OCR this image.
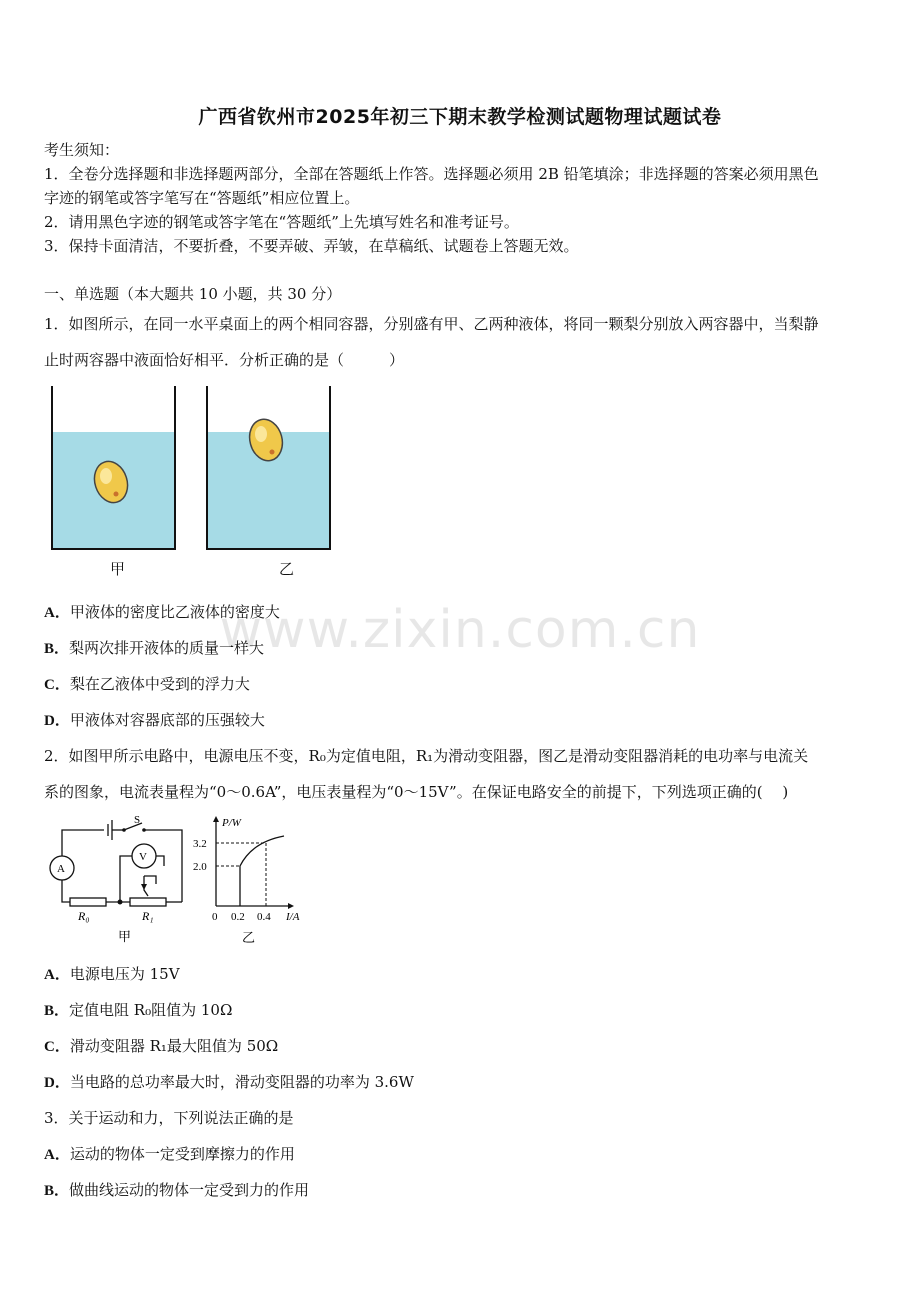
广西省钦州市2025年初三下期末教学检测试题物理试题试卷
考生须知：
1．全卷分选择题和非选择题两部分，全部在答题纸上作答。选择题必须用 2B 铅笔填涂；非选择题的答案必须用黑色
字迹的钢笔或答字笔写在“答题纸”相应位置上。
2．请用黑色字迹的钢笔或答字笔在“答题纸”上先填写姓名和准考证号。
3．保持卡面清洁，不要折叠，不要弄破、弄皱，在草稿纸、试题卷上答题无效。
一、单选题（本大题共 10 小题，共 30 分）
1．如图所示，在同一水平桌面上的两个相同容器，分别盛有甲、乙两种液体，将同一颗梨分别放入两容器中，当梨静
止时两容器中液面恰好相平．分析正确的是（　　　）
甲	乙
A．甲液体的密度比乙液体的密度大
B．梨两次排开液体的质量一样大
C．梨在乙液体中受到的浮力大
D．甲液体对容器底部的压强较大
www.zixin.com.cn
2．如图甲所示电路中，电源电压不变，R₀为定值电阻，R₁为滑动变阻器，图乙是滑动变阻器消耗的电功率与电流关
系的图象，电流表量程为“0～0.6A”，电压表量程为“0～15V”。在保证电路安全的前提下，下列选项正确的( 　)
S
A
V
R₀	R₁
甲
P/W
3.2
2.0
0 0.2 0.4 I/A
乙
A．电源电压为 15V
B．定值电阻 R₀阻值为 10Ω
C．滑动变阻器 R₁最大阻值为 50Ω
D．当电路的总功率最大时，滑动变阻器的功率为 3.6W
3．关于运动和力，下列说法正确的是
A．运动的物体一定受到摩擦力的作用
B．做曲线运动的物体一定受到力的作用
